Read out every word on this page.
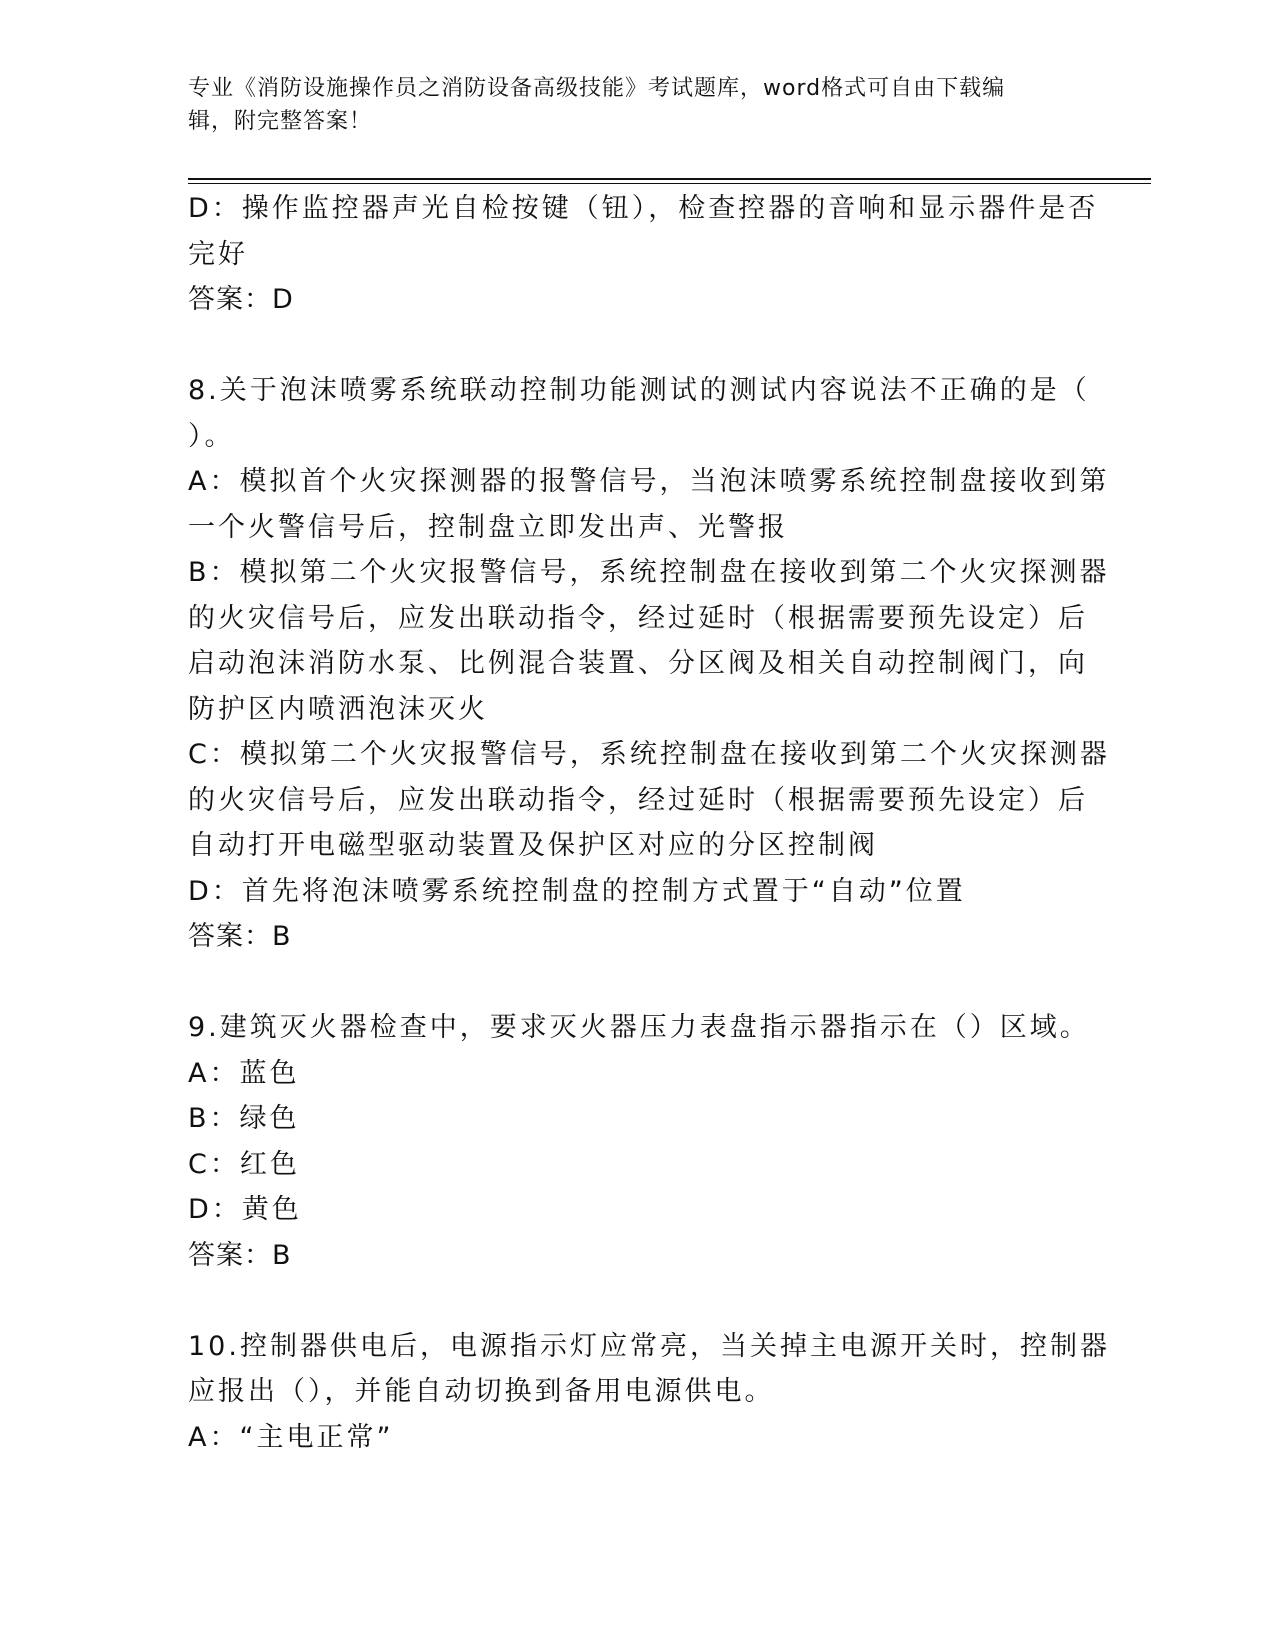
专业《消防设施操作员之消防设备高级技能》考试题库，word格式可自由下载编
辑，附完整答案！
D：操作监控器声光自检按键（钮），检查控器的音响和显示器件是否
完好
答案：D
8.关于泡沫喷雾系统联动控制功能测试的测试内容说法不正确的是（
）。
A：模拟首个火灾探测器的报警信号，当泡沫喷雾系统控制盘接收到第
一个火警信号后，控制盘立即发出声、光警报
B：模拟第二个火灾报警信号，系统控制盘在接收到第二个火灾探测器
的火灾信号后，应发出联动指令，经过延时（根据需要预先设定）后
启动泡沫消防水泵、比例混合装置、分区阀及相关自动控制阀门，向
防护区内喷洒泡沫灭火
C：模拟第二个火灾报警信号，系统控制盘在接收到第二个火灾探测器
的火灾信号后，应发出联动指令，经过延时（根据需要预先设定）后
自动打开电磁型驱动装置及保护区对应的分区控制阀
D：首先将泡沫喷雾系统控制盘的控制方式置于“自动”位置
答案：B
9.建筑灭火器检查中，要求灭火器压力表盘指示器指示在（）区域。
A：蓝色
B：绿色
C：红色
D：黄色
答案：B
10.控制器供电后，电源指示灯应常亮，当关掉主电源开关时，控制器
应报出（），并能自动切换到备用电源供电。
A：“主电正常”
